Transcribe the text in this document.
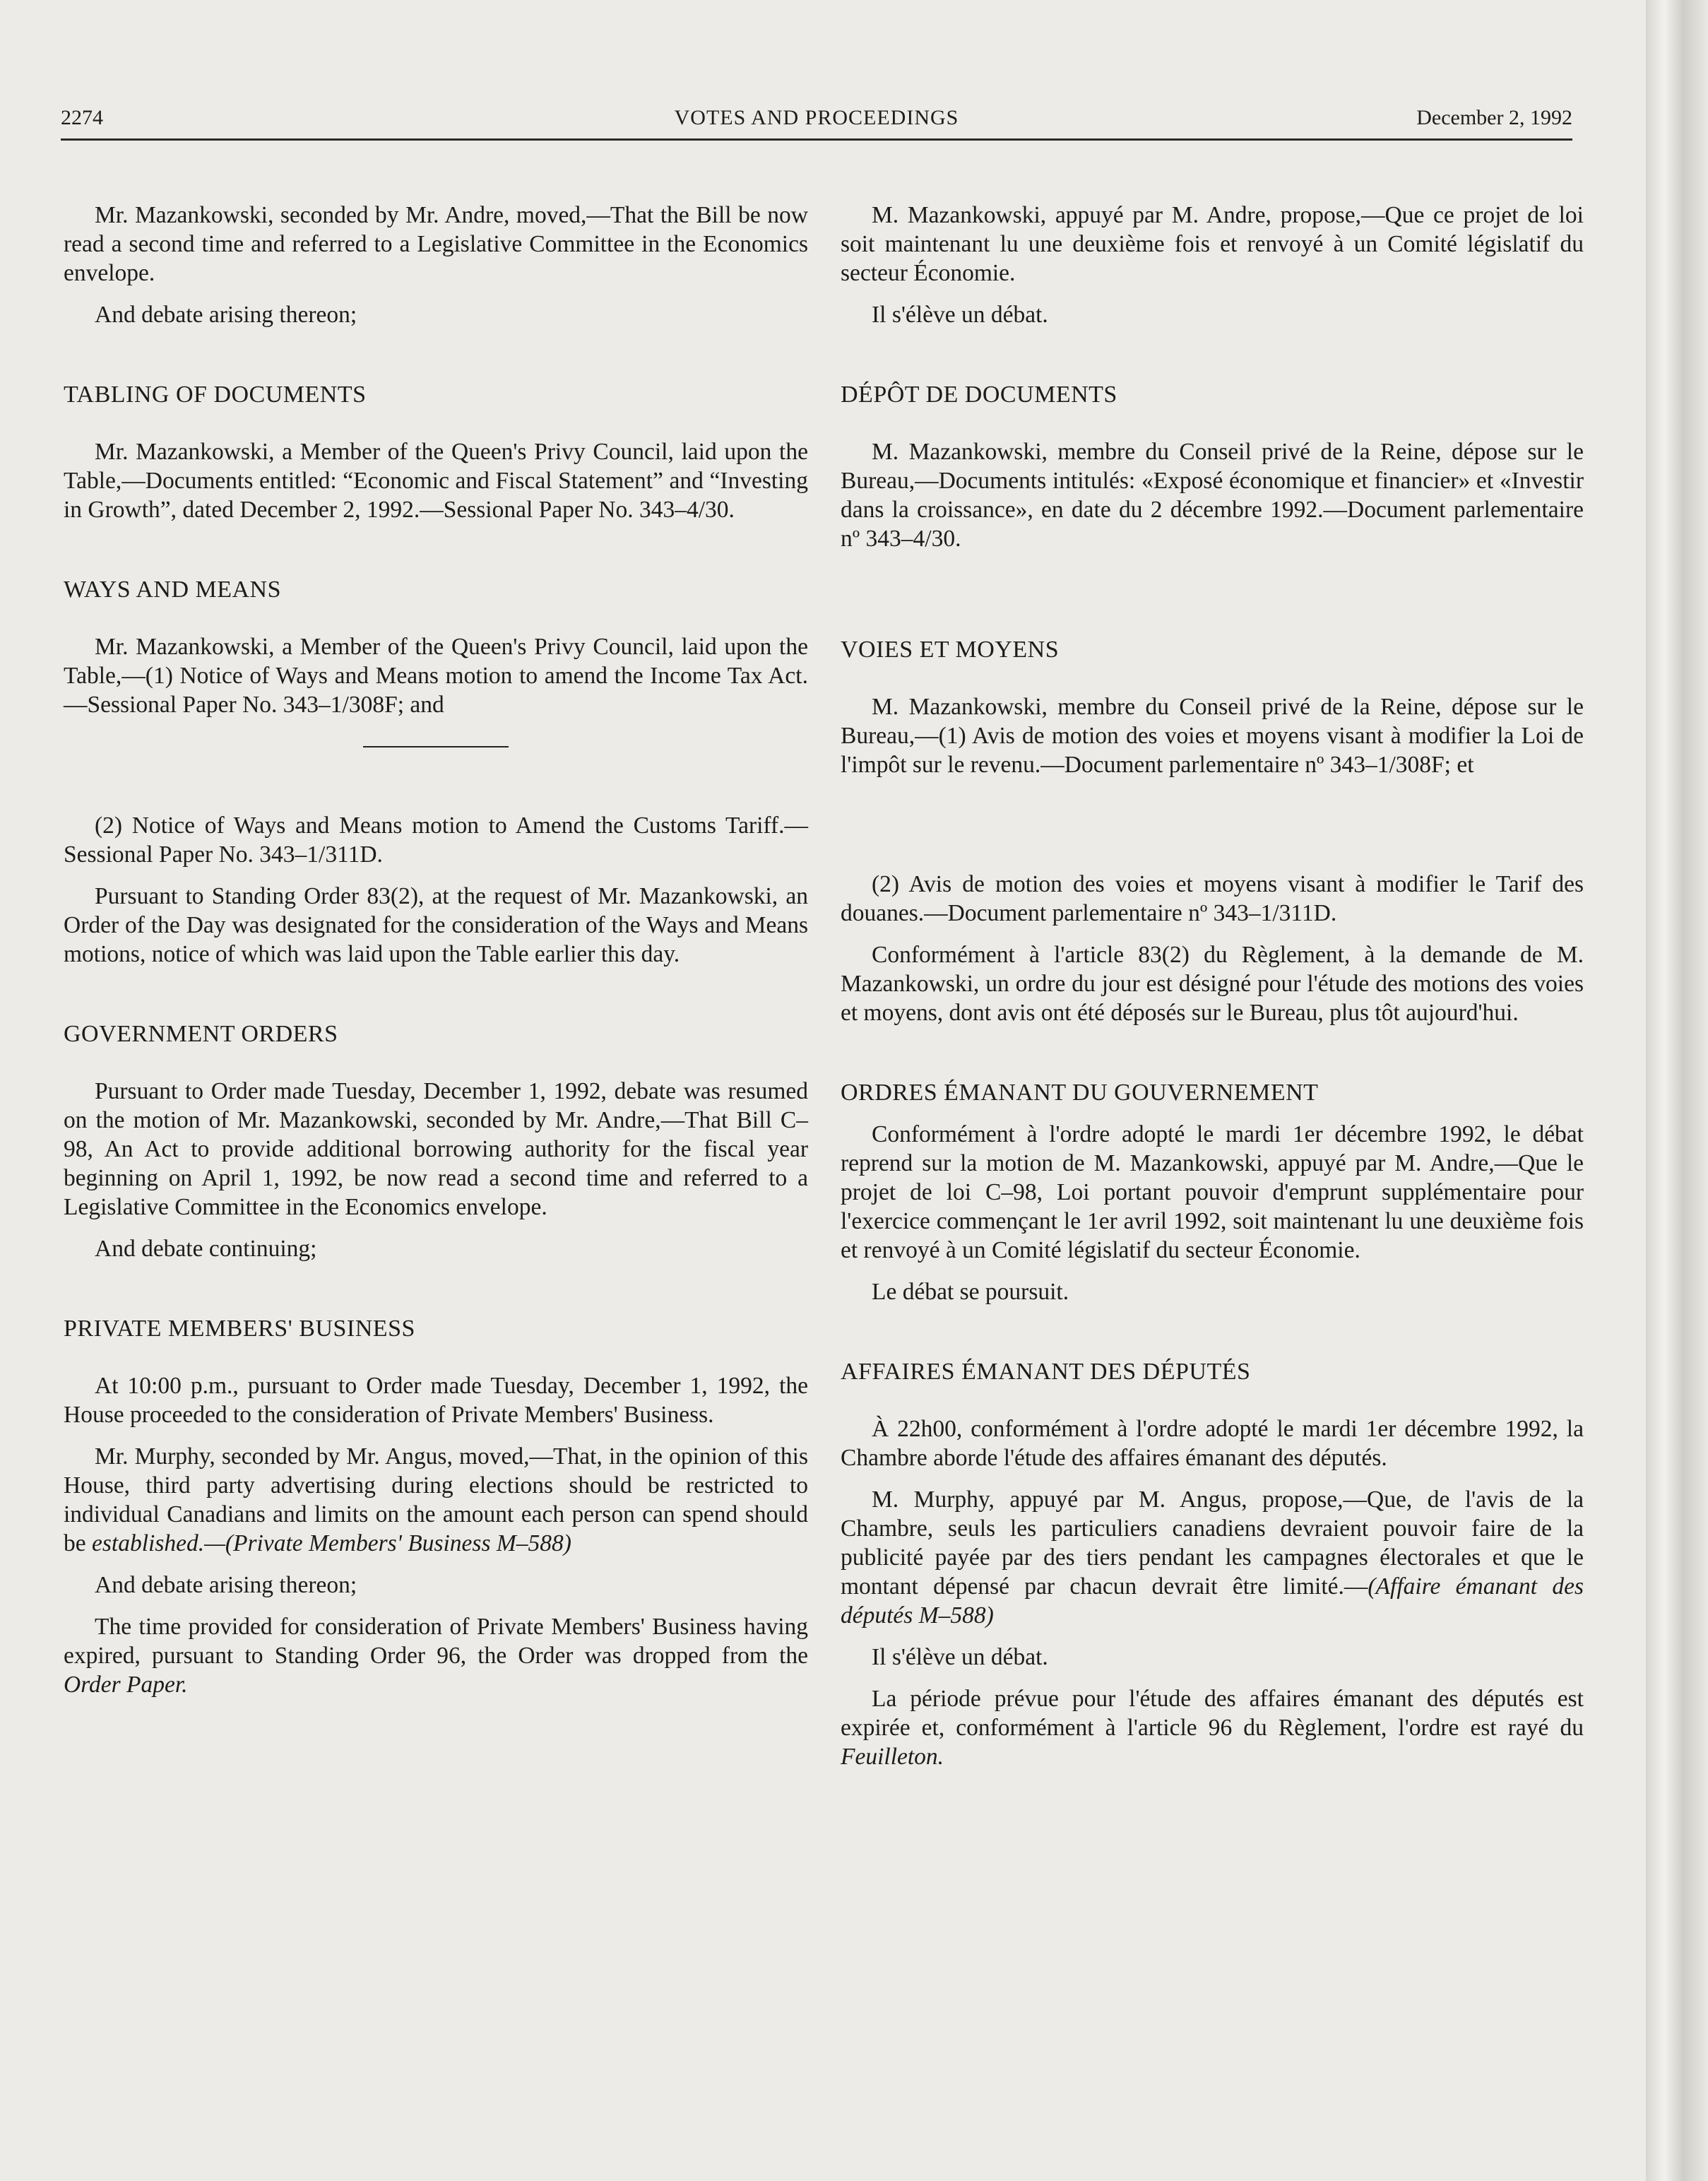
2274	VOTES AND PROCEEDINGS	December 2, 1992

Mr. Mazankowski, seconded by Mr. Andre, moved,—That the Bill be now read a second time and referred to a Legislative Committee in the Economics envelope.

And debate arising thereon;

TABLING OF DOCUMENTS

Mr. Mazankowski, a Member of the Queen's Privy Council, laid upon the Table,—Documents entitled: “Economic and Fiscal Statement” and “Investing in Growth”, dated December 2, 1992.—Sessional Paper No. 343–4/30.

WAYS AND MEANS

Mr. Mazankowski, a Member of the Queen's Privy Council, laid upon the Table,—(1) Notice of Ways and Means motion to amend the Income Tax Act.—Sessional Paper No. 343–1/308F; and

(2) Notice of Ways and Means motion to Amend the Customs Tariff.—Sessional Paper No. 343–1/311D.

Pursuant to Standing Order 83(2), at the request of Mr. Mazankowski, an Order of the Day was designated for the consideration of the Ways and Means motions, notice of which was laid upon the Table earlier this day.

GOVERNMENT ORDERS

Pursuant to Order made Tuesday, December 1, 1992, debate was resumed on the motion of Mr. Mazankowski, seconded by Mr. Andre,—That Bill C–98, An Act to provide additional borrowing authority for the fiscal year beginning on April 1, 1992, be now read a second time and referred to a Legislative Committee in the Economics envelope.

And debate continuing;

PRIVATE MEMBERS' BUSINESS

At 10:00 p.m., pursuant to Order made Tuesday, December 1, 1992, the House proceeded to the consideration of Private Members' Business.

Mr. Murphy, seconded by Mr. Angus, moved,—That, in the opinion of this House, third party advertising during elections should be restricted to individual Canadians and limits on the amount each person can spend should be established.—(Private Members' Business M–588)

And debate arising thereon;

The time provided for consideration of Private Members' Business having expired, pursuant to Standing Order 96, the Order was dropped from the Order Paper.

M. Mazankowski, appuyé par M. Andre, propose,—Que ce projet de loi soit maintenant lu une deuxième fois et renvoyé à un Comité législatif du secteur Économie.

Il s'élève un débat.

DÉPÔT DE DOCUMENTS

M. Mazankowski, membre du Conseil privé de la Reine, dépose sur le Bureau,—Documents intitulés: «Exposé économique et financier» et «Investir dans la croissance», en date du 2 décembre 1992.—Document parlementaire nº 343–4/30.

VOIES ET MOYENS

M. Mazankowski, membre du Conseil privé de la Reine, dépose sur le Bureau,—(1) Avis de motion des voies et moyens visant à modifier la Loi de l'impôt sur le revenu.—Document parlementaire nº 343–1/308F; et

(2) Avis de motion des voies et moyens visant à modifier le Tarif des douanes.—Document parlementaire nº 343–1/311D.

Conformément à l'article 83(2) du Règlement, à la demande de M. Mazankowski, un ordre du jour est désigné pour l'étude des motions des voies et moyens, dont avis ont été déposés sur le Bureau, plus tôt aujourd'hui.

ORDRES ÉMANANT DU GOUVERNEMENT

Conformément à l'ordre adopté le mardi 1er décembre 1992, le débat reprend sur la motion de M. Mazankowski, appuyé par M. Andre,—Que le projet de loi C–98, Loi portant pouvoir d'emprunt supplémentaire pour l'exercice commençant le 1er avril 1992, soit maintenant lu une deuxième fois et renvoyé à un Comité législatif du secteur Économie.

Le débat se poursuit.

AFFAIRES ÉMANANT DES DÉPUTÉS

À 22h00, conformément à l'ordre adopté le mardi 1er décembre 1992, la Chambre aborde l'étude des affaires émanant des députés.

M. Murphy, appuyé par M. Angus, propose,—Que, de l'avis de la Chambre, seuls les particuliers canadiens devraient pouvoir faire de la publicité payée par des tiers pendant les campagnes électorales et que le montant dépensé par chacun devrait être limité.—(Affaire émanant des députés M–588)

Il s'élève un débat.

La période prévue pour l'étude des affaires émanant des députés est expirée et, conformément à l'article 96 du Règlement, l'ordre est rayé du Feuilleton.
